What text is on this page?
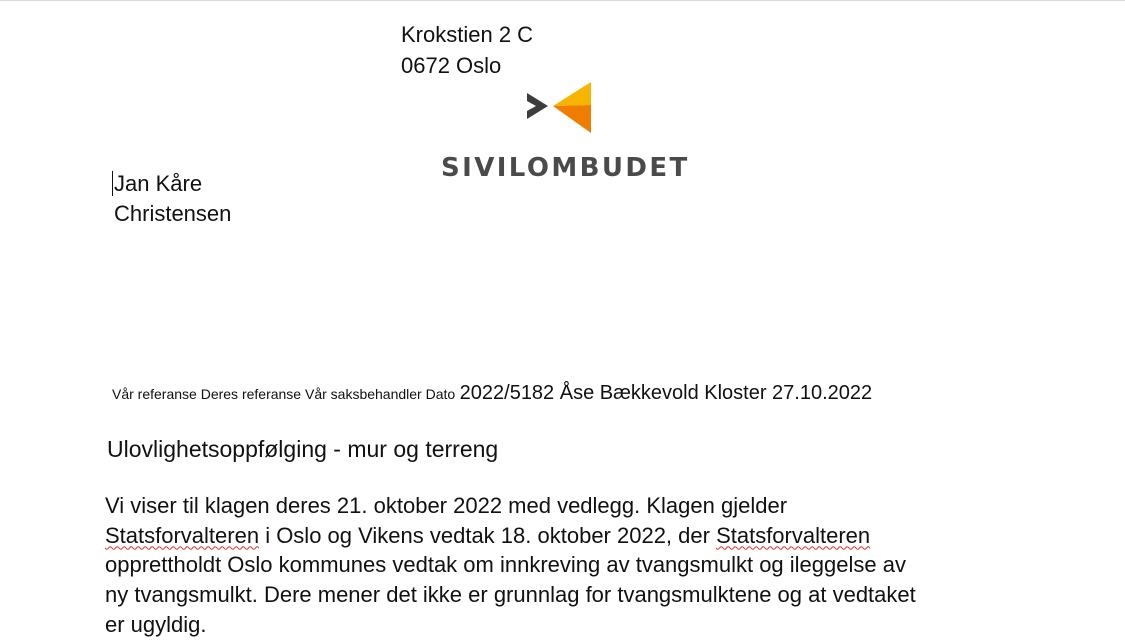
Krokstien 2 C
0672 Oslo
SIVILOMBUDET
Jan Kåre
Christensen
Vår referanse Deres referanse Vår saksbehandler Dato 2022/5182 Åse Bækkevold Kloster 27.10.2022
Ulovlighetsoppfølging - mur og terreng
Vi viser til klagen deres 21. oktober 2022 med vedlegg. Klagen gjelder
Statsforvalteren i Oslo og Vikens vedtak 18. oktober 2022, der Statsforvalteren
opprettholdt Oslo kommunes vedtak om innkreving av tvangsmulkt og ileggelse av
ny tvangsmulkt. Dere mener det ikke er grunnlag for tvangsmulktene og at vedtaket
er ugyldig.
